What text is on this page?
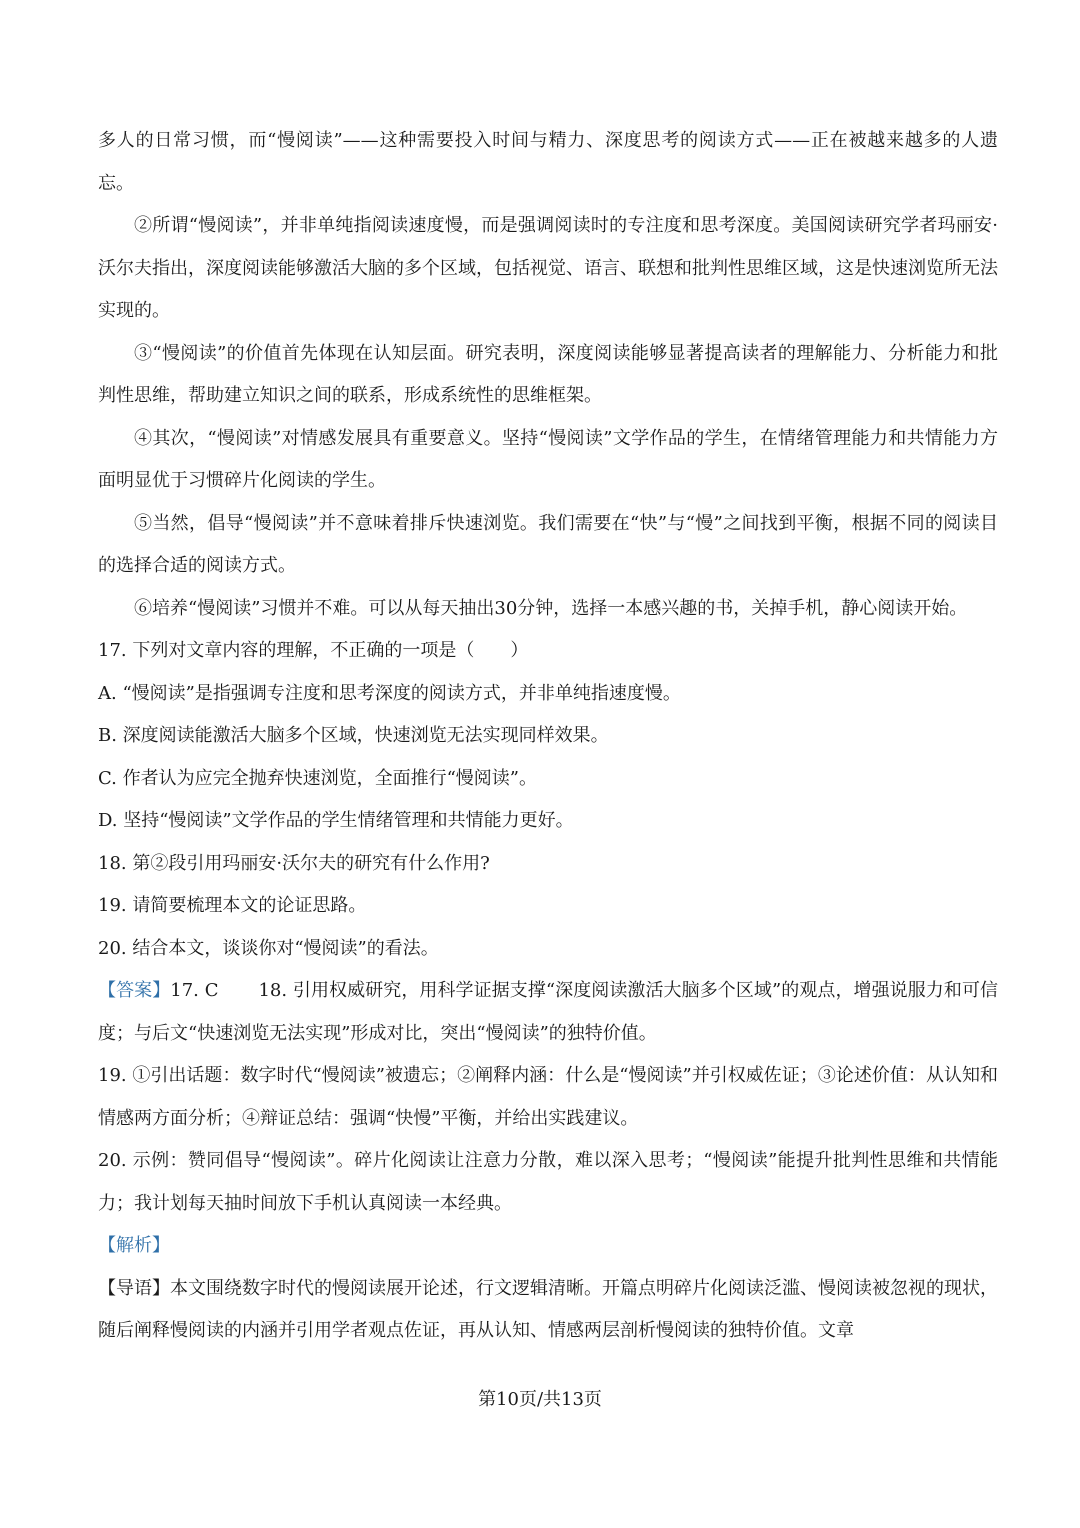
多人的日常习惯，而“慢阅读”——这种需要投入时间与精力、深度思考的阅读方式——正在被越来越多的人遗忘。

②所谓“慢阅读”，并非单纯指阅读速度慢，而是强调阅读时的专注度和思考深度。美国阅读研究学者玛丽安·沃尔夫指出，深度阅读能够激活大脑的多个区域，包括视觉、语言、联想和批判性思维区域，这是快速浏览所无法实现的。

③“慢阅读”的价值首先体现在认知层面。研究表明，深度阅读能够显著提高读者的理解能力、分析能力和批判性思维，帮助建立知识之间的联系，形成系统性的思维框架。

④其次，“慢阅读”对情感发展具有重要意义。坚持“慢阅读”文学作品的学生，在情绪管理能力和共情能力方面明显优于习惯碎片化阅读的学生。

⑤当然，倡导“慢阅读”并不意味着排斥快速浏览。我们需要在“快”与“慢”之间找到平衡，根据不同的阅读目的选择合适的阅读方式。

⑥培养“慢阅读”习惯并不难。可以从每天抽出30分钟，选择一本感兴趣的书，关掉手机，静心阅读开始。

17. 下列对文章内容的理解，不正确的一项是（　　）

A. “慢阅读”是指强调专注度和思考深度的阅读方式，并非单纯指速度慢。

B. 深度阅读能激活大脑多个区域，快速浏览无法实现同样效果。

C. 作者认为应完全抛弃快速浏览，全面推行“慢阅读”。

D. 坚持“慢阅读”文学作品的学生情绪管理和共情能力更好。

18. 第②段引用玛丽安·沃尔夫的研究有什么作用?

19. 请简要梳理本文的论证思路。

20. 结合本文，谈谈你对“慢阅读”的看法。

【答案】17. C 18. 引用权威研究，用科学证据支撑“深度阅读激活大脑多个区域”的观点，增强说服力和可信度；与后文“快速浏览无法实现”形成对比，突出“慢阅读”的独特价值。

19. ①引出话题：数字时代“慢阅读”被遗忘；②阐释内涵：什么是“慢阅读”并引权威佐证；③论述价值：从认知和情感两方面分析；④辩证总结：强调“快慢”平衡，并给出实践建议。

20. 示例：赞同倡导“慢阅读”。碎片化阅读让注意力分散，难以深入思考；“慢阅读”能提升批判性思维和共情能力；我计划每天抽时间放下手机认真阅读一本经典。

【解析】

【导语】本文围绕数字时代的慢阅读展开论述，行文逻辑清晰。开篇点明碎片化阅读泛滥、慢阅读被忽视的现状，随后阐释慢阅读的内涵并引用学者观点佐证，再从认知、情感两层剖析慢阅读的独特价值。文章

第10页/共13页
